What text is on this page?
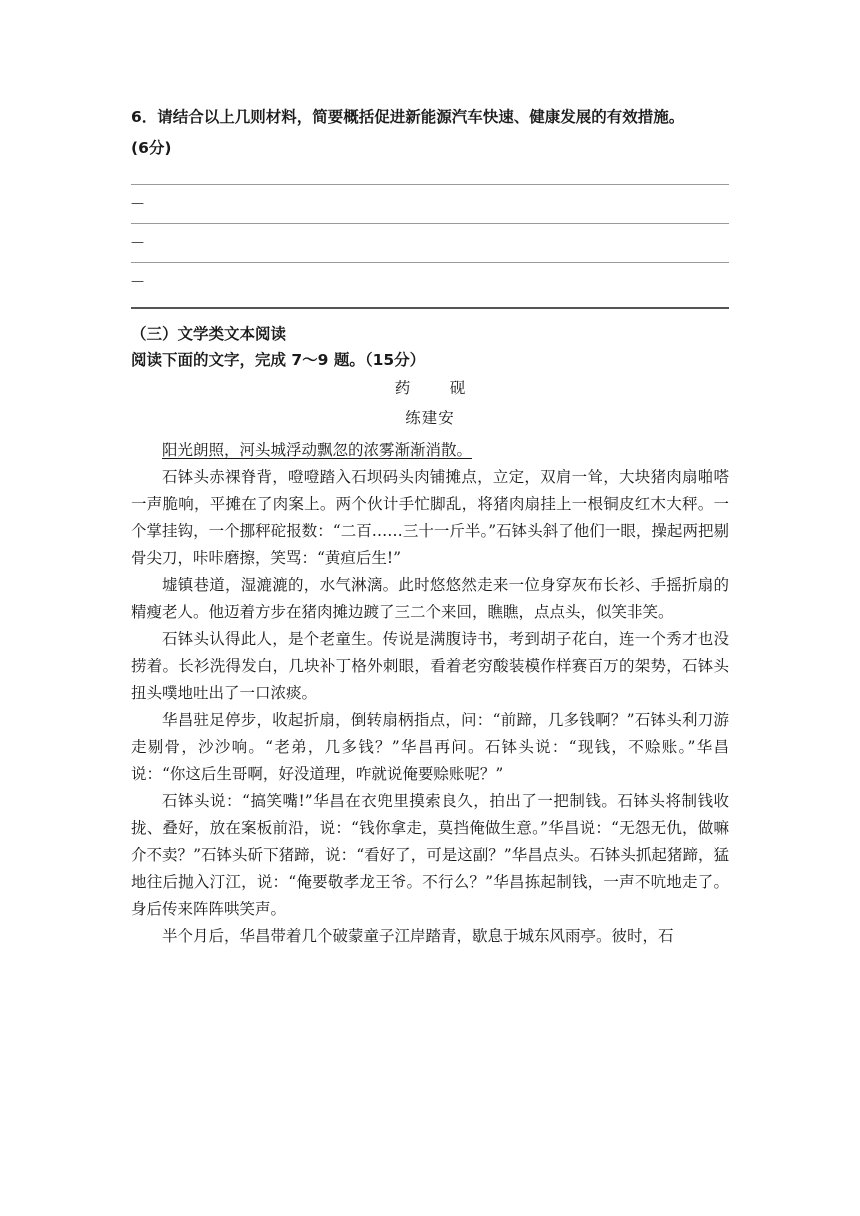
6．请结合以上几则材料，简要概括促进新能源汽车快速、健康发展的有效措施。

(6分)

—
—
—

（三）文学类文本阅读

阅读下面的文字，完成 7～9 题。（15分）

药　砚

练建安

阳光朗照，河头城浮动飘忽的浓雾渐渐消散。

石钵头赤裸脊背，噔噔踏入石坝码头肉铺摊点，立定，双肩一耸，大块猪肉扇啪嗒一声脆响，平摊在了肉案上。两个伙计手忙脚乱，将猪肉扇挂上一根铜皮红木大秤。一个掌挂钩，一个挪秤砣报数：“二百……三十一斤半。”石钵头斜了他们一眼，操起两把剔骨尖刀，咔咔磨擦，笑骂：“黄疸后生!”

墟镇巷道，湿漉漉的，水气淋漓。此时悠悠然走来一位身穿灰布长衫、手摇折扇的精瘦老人。他迈着方步在猪肉摊边踱了三二个来回，瞧瞧，点点头，似笑非笑。

石钵头认得此人，是个老童生。传说是满腹诗书，考到胡子花白，连一个秀才也没捞着。长衫洗得发白，几块补丁格外刺眼，看着老穷酸装模作样赛百万的架势，石钵头扭头噗地吐出了一口浓痰。

华昌驻足停步，收起折扇，倒转扇柄指点，问：“前蹄，几多钱啊？”石钵头利刀游走剔骨，沙沙响。“老弟，几多钱？”华昌再问。石钵头说：“现钱，不赊账。”华昌说：“你这后生哥啊，好没道理，咋就说俺要赊账呢？”

石钵头说：“搞笑嘴!”华昌在衣兜里摸索良久，拍出了一把制钱。石钵头将制钱收拢、叠好，放在案板前沿，说：“钱你拿走，莫挡俺做生意。”华昌说：“无怨无仇，做嘛介不卖？”石钵头斫下猪蹄，说：“看好了，可是这副？”华昌点头。石钵头抓起猪蹄，猛地往后抛入汀江，说：“俺要敬孝龙王爷。不行么？”华昌拣起制钱，一声不吭地走了。身后传来阵阵哄笑声。

半个月后，华昌带着几个破蒙童子江岸踏青，歇息于城东风雨亭。彼时，石
